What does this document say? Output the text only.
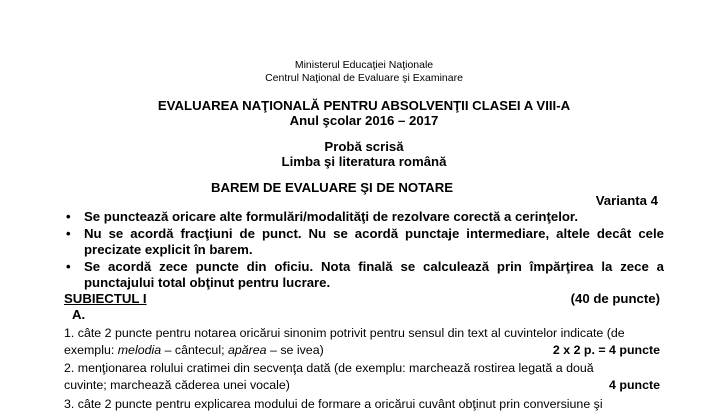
Ministerul Educaţiei Naţionale
Centrul Naţional de Evaluare şi Examinare
EVALUAREA NAŢIONALĂ PENTRU ABSOLVENŢII CLASEI A VIII-A
Anul şcolar 2016 – 2017
Probă scrisă
Limba şi literatura română
BAREM DE EVALUARE ŞI DE NOTARE
Varianta 4
• Se punctează oricare alte formulări/modalităţi de rezolvare corectă a cerinţelor.
• Nu se acordă fracţiuni de punct. Nu se acordă punctaje intermediare, altele decât cele precizate explicit în barem.
• Se acordă zece puncte din oficiu. Nota finală se calculează prin împărţirea la zece a punctajului total obţinut pentru lucrare.
SUBIECTUL I	(40 de puncte)
A.
1. câte 2 puncte pentru notarea oricărui sinonim potrivit pentru sensul din text al cuvintelor indicate (de
exemplu: melodia – cântecul; apărea – se ivea)	2 x 2 p. = 4 puncte
2. menţionarea rolului cratimei din secvenţa dată (de exemplu: marchează rostirea legată a două
cuvinte; marchează căderea unei vocale)	4 puncte
3. câte 2 puncte pentru explicarea modului de formare a oricărui cuvânt obţinut prin conversiune şi
